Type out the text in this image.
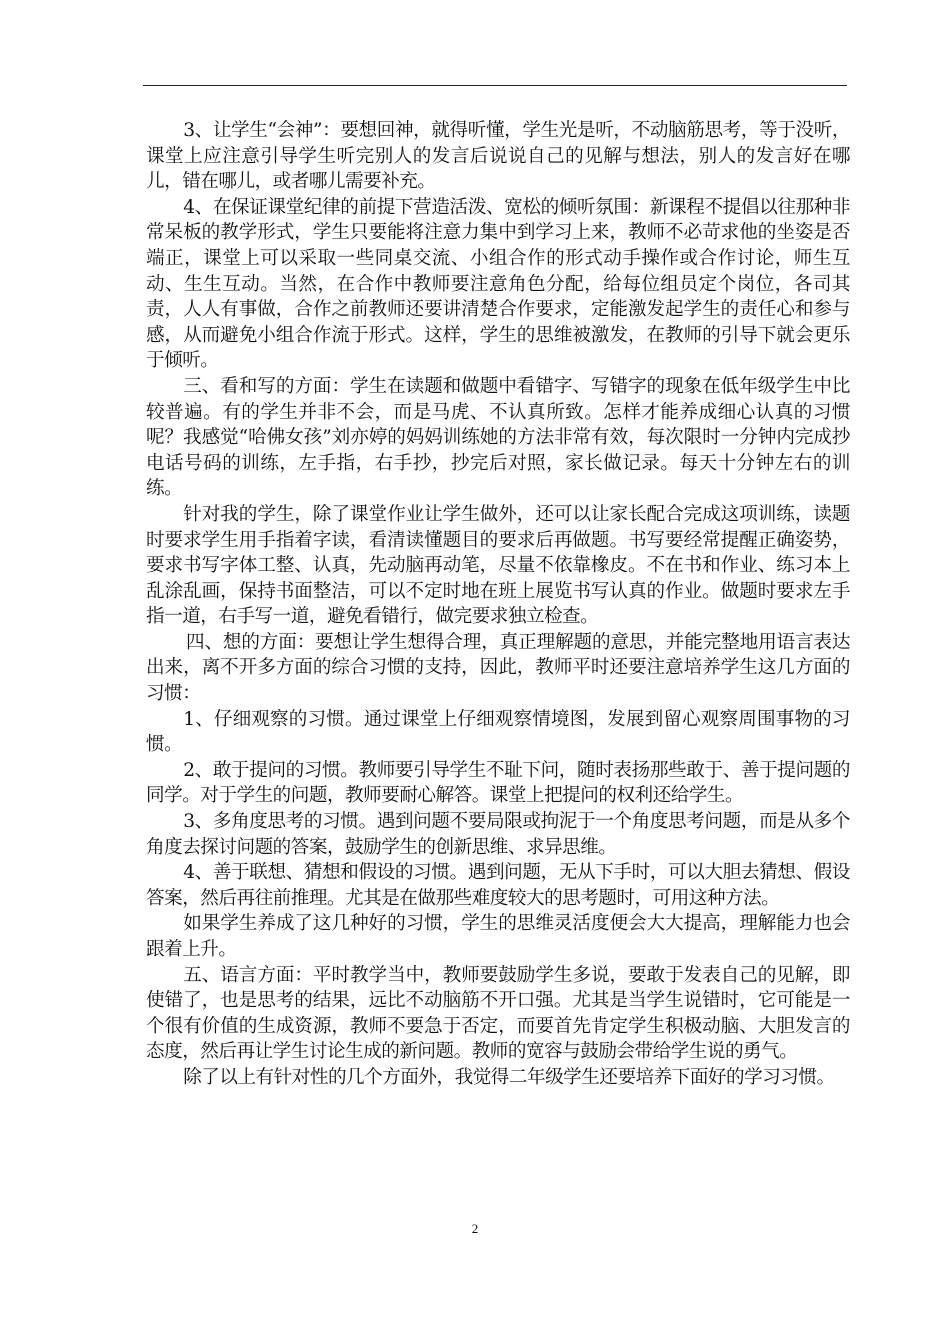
3、让学生“会神”：要想回神，就得听懂，学生光是听，不动脑筋思考，等于没听，课堂上应注意引导学生听完别人的发言后说说自己的见解与想法，别人的发言好在哪儿，错在哪儿，或者哪儿需要补充。

4、在保证课堂纪律的前提下营造活泼、宽松的倾听氛围：新课程不提倡以往那种非常呆板的教学形式，学生只要能将注意力集中到学习上来，教师不必苛求他的坐姿是否端正，课堂上可以采取一些同桌交流、小组合作的形式动手操作或合作讨论，师生互动、生生互动。当然，在合作中教师要注意角色分配，给每位组员定个岗位，各司其责，人人有事做，合作之前教师还要讲清楚合作要求，定能激发起学生的责任心和参与感，从而避免小组合作流于形式。这样，学生的思维被激发，在教师的引导下就会更乐于倾听。

三、看和写的方面：学生在读题和做题中看错字、写错字的现象在低年级学生中比较普遍。有的学生并非不会，而是马虎、不认真所致。怎样才能养成细心认真的习惯呢？我感觉“哈佛女孩”刘亦婷的妈妈训练她的方法非常有效，每次限时一分钟内完成抄电话号码的训练，左手指，右手抄，抄完后对照，家长做记录。每天十分钟左右的训练。

针对我的学生，除了课堂作业让学生做外，还可以让家长配合完成这项训练，读题时要求学生用手指着字读，看清读懂题目的要求后再做题。书写要经常提醒正确姿势，要求书写字体工整、认真，先动脑再动笔，尽量不依靠橡皮。不在书和作业、练习本上乱涂乱画，保持书面整洁，可以不定时地在班上展览书写认真的作业。做题时要求左手指一道，右手写一道，避免看错行，做完要求独立检查。

四、想的方面：要想让学生想得合理，真正理解题的意思，并能完整地用语言表达出来，离不开多方面的综合习惯的支持，因此，教师平时还要注意培养学生这几方面的习惯：

1、仔细观察的习惯。通过课堂上仔细观察情境图，发展到留心观察周围事物的习惯。

2、敢于提问的习惯。教师要引导学生不耻下问，随时表扬那些敢于、善于提问题的同学。对于学生的问题，教师要耐心解答。课堂上把提问的权利还给学生。

3、多角度思考的习惯。遇到问题不要局限或拘泥于一个角度思考问题，而是从多个角度去探讨问题的答案，鼓励学生的创新思维、求异思维。

4、善于联想、猜想和假设的习惯。遇到问题，无从下手时，可以大胆去猜想、假设答案，然后再往前推理。尤其是在做那些难度较大的思考题时，可用这种方法。

如果学生养成了这几种好的习惯，学生的思维灵活度便会大大提高，理解能力也会跟着上升。

五、语言方面：平时教学当中，教师要鼓励学生多说，要敢于发表自己的见解，即使错了，也是思考的结果，远比不动脑筋不开口强。尤其是当学生说错时，它可能是一个很有价值的生成资源，教师不要急于否定，而要首先肯定学生积极动脑、大胆发言的态度，然后再让学生讨论生成的新问题。教师的宽容与鼓励会带给学生说的勇气。

除了以上有针对性的几个方面外，我觉得二年级学生还要培养下面好的学习习惯。

2
